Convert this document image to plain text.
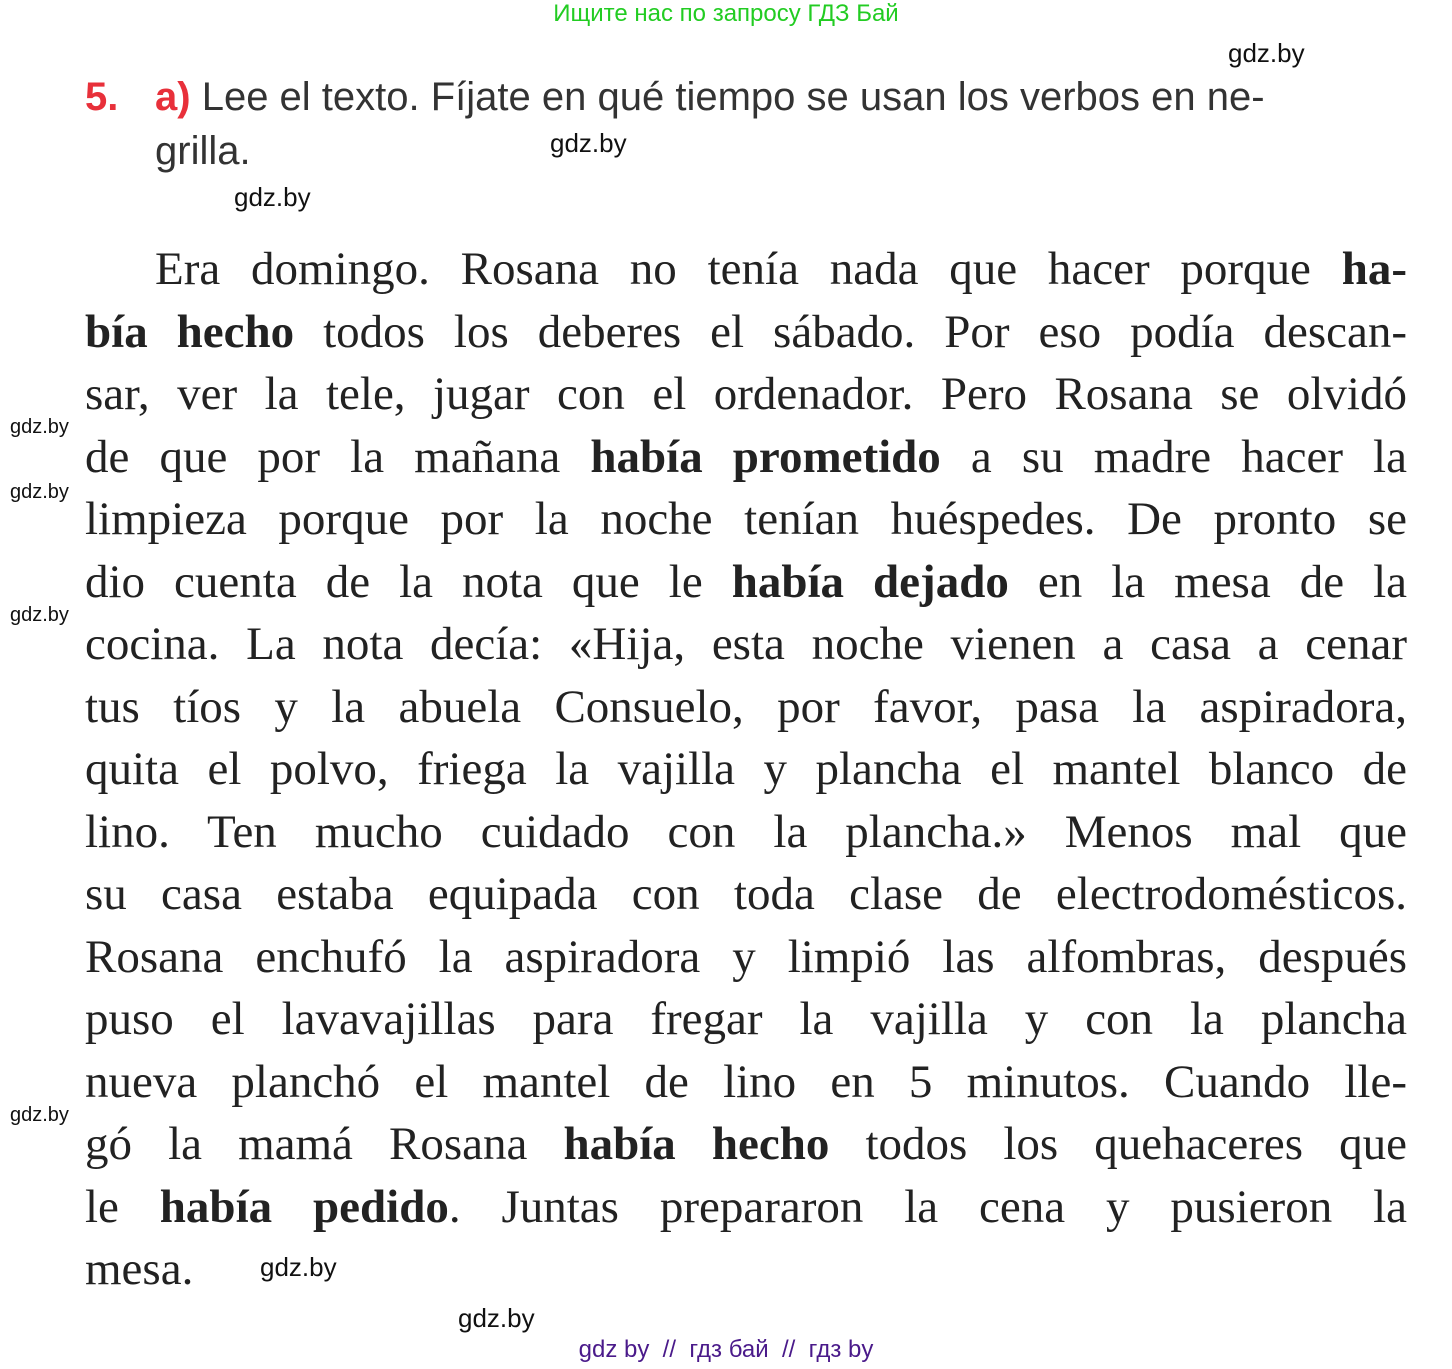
Ищите нас по запросу ГДЗ Бай
5. a) Lee el texto. Fíjate en qué tiempo se usan los verbos en ne-
grilla.
Era domingo. Rosana no tenía nada que hacer porque ha-
bía hecho todos los deberes el sábado. Por eso podía descan-
sar, ver la tele, jugar con el ordenador. Pero Rosana se olvidó
de que por la mañana había prometido a su madre hacer la
limpieza porque por la noche tenían huéspedes. De pronto se
dio cuenta de la nota que le había dejado en la mesa de la
cocina. La nota decía: «Hija, esta noche vienen a casa a cenar
tus tíos y la abuela Consuelo, por favor, pasa la aspiradora,
quita el polvo, friega la vajilla y plancha el mantel blanco de
lino. Ten mucho cuidado con la plancha.» Menos mal que
su casa estaba equipada con toda clase de electrodomésticos.
Rosana enchufó la aspiradora y limpió las alfombras, después
puso el lavavajillas para fregar la vajilla y con la plancha
nueva planchó el mantel de lino en 5 minutos. Cuando lle-
gó la mamá Rosana había hecho todos los quehaceres que
le había pedido. Juntas prepararon la cena y pusieron la
mesa.
gdz.by
gdz.by
gdz.by
gdz.by
gdz.by
gdz.by
gdz.by
gdz.by
gdz.by
gdz by  //  гдз бай  //  гдз by
